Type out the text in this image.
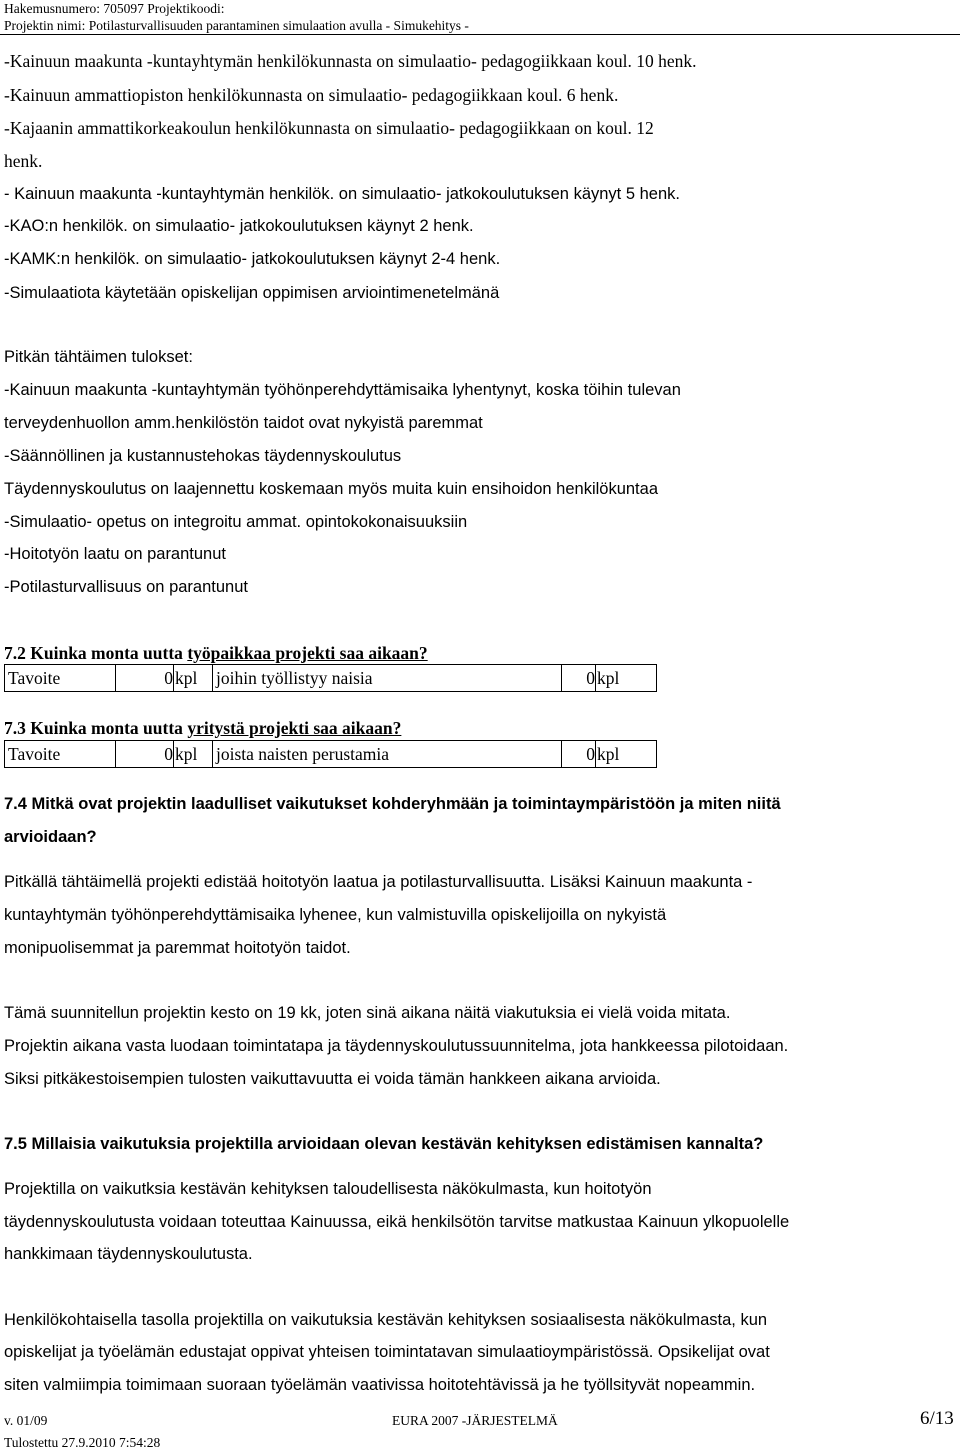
Hakemusnumero: 705097 Projektikoodi:
Projektin nimi: Potilasturvallisuuden parantaminen simulaation avulla - Simukehitys -
-Kainuun maakunta -kuntayhtymän henkilökunnasta on simulaatio- pedagogiikkaan koul. 10 henk.
-Kainuun ammattiopiston henkilökunnasta on simulaatio- pedagogiikkaan koul. 6 henk.
-Kajaanin ammattikorkeakoulun henkilökunnasta on simulaatio- pedagogiikkaan on koul. 12
henk.
- Kainuun maakunta -kuntayhtymän henkilök. on simulaatio- jatkokoulutuksen käynyt 5 henk.
-KAO:n henkilök. on simulaatio- jatkokoulutuksen käynyt 2 henk.
-KAMK:n henkilök. on simulaatio- jatkokoulutuksen käynyt 2-4 henk.
-Simulaatiota käytetään opiskelijan oppimisen arviointimenetelmänä
Pitkän tähtäimen tulokset:
-Kainuun maakunta -kuntayhtymän työhönperehdyttämisaika lyhentynyt, koska töihin tulevan
terveydenhuollon amm.henkilöstön taidot ovat nykyistä paremmat
-Säännöllinen ja kustannustehokas täydennyskoulutus
Täydennyskoulutus on laajennettu koskemaan myös muita kuin ensihoidon henkilökuntaa
-Simulaatio- opetus on integroitu ammat. opintokokonaisuuksiin
-Hoitotyön laatu on parantunut
-Potilasturvallisuus on parantunut
7.2 Kuinka monta uutta työpaikkaa projekti saa aikaan?
Tavoite	0	kpl	joihin työllistyy naisia	0	kpl
7.3 Kuinka monta uutta yritystä projekti saa aikaan?
Tavoite	0	kpl	joista naisten perustamia	0	kpl
7.4 Mitkä ovat projektin laadulliset vaikutukset kohderyhmään ja toimintaympäristöön ja miten niitä
arvioidaan?
Pitkällä tähtäimellä projekti edistää hoitotyön laatua ja potilasturvallisuutta. Lisäksi Kainuun maakunta -
kuntayhtymän työhönperehdyttämisaika lyhenee, kun valmistuvilla opiskelijoilla on nykyistä
monipuolisemmat ja paremmat hoitotyön taidot.
Tämä suunnitellun projektin kesto on 19 kk, joten sinä aikana näitä viakutuksia ei vielä voida mitata.
Projektin aikana vasta luodaan toimintatapa ja täydennyskoulutussuunnitelma, jota hankkeessa pilotoidaan.
Siksi pitkäkestoisempien tulosten vaikuttavuutta ei voida tämän hankkeen aikana arvioida.
7.5 Millaisia vaikutuksia projektilla arvioidaan olevan kestävän kehityksen edistämisen kannalta?
Projektilla on vaikutksia kestävän kehityksen taloudellisesta näkökulmasta, kun hoitotyön
täydennyskoulutusta voidaan toteuttaa Kainuussa, eikä henkilsötön tarvitse matkustaa Kainuun ylkopuolelle
hankkimaan täydennyskoulutusta.
Henkilökohtaisella tasolla projektilla on vaikutuksia kestävän kehityksen sosiaalisesta näkökulmasta, kun
opiskelijat ja työelämän edustajat oppivat yhteisen toimintatavan simulaatioympäristössä. Opsikelijat ovat
siten valmiimpia toimimaan suoraan työelämän vaativissa hoitotehtävissä ja he työllsityvät nopeammin.
v. 01/09	EURA 2007 -JÄRJESTELMÄ	6/13
Tulostettu 27.9.2010 7:54:28
